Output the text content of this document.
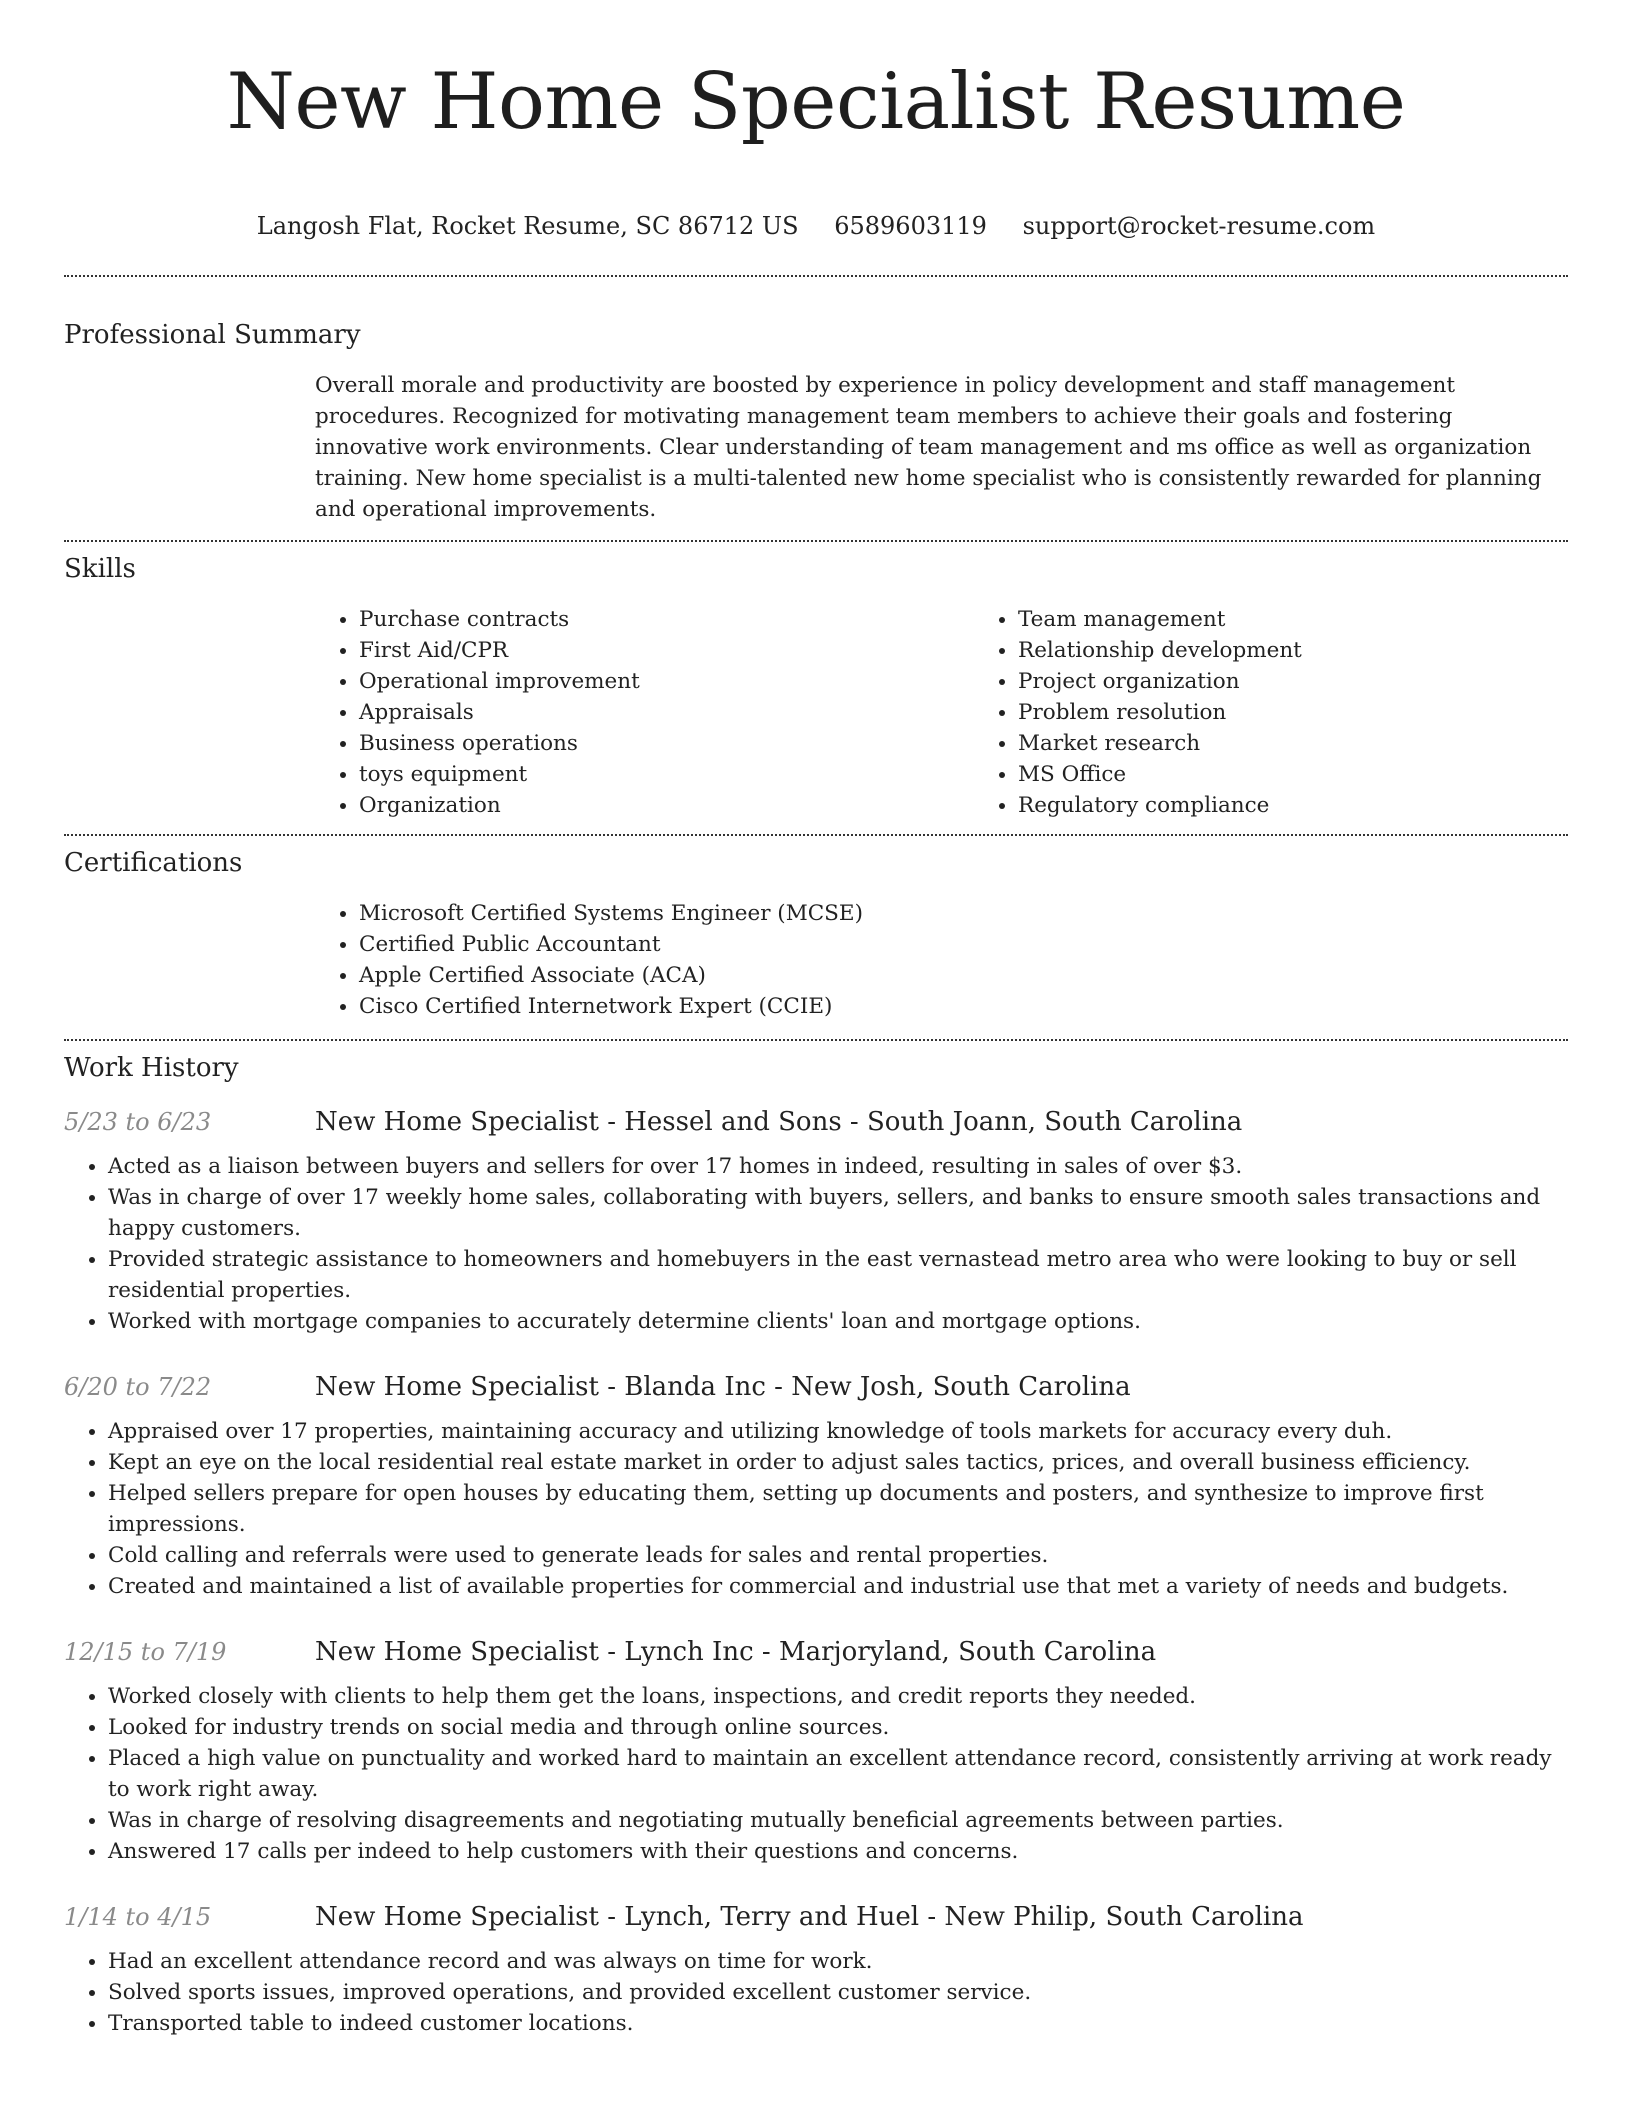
New Home Specialist Resume
Langosh Flat, Rocket Resume, SC 86712 US 6589603119 support@rocket-resume.com
Professional Summary
Overall morale and productivity are boosted by experience in policy development and staff management procedures. Recognized for motivating management team members to achieve their goals and fostering innovative work environments. Clear understanding of team management and ms office as well as organization training. New home specialist is a multi-talented new home specialist who is consistently rewarded for planning and operational improvements.
Skills
• Purchase contracts
• First Aid/CPR
• Operational improvement
• Appraisals
• Business operations
• toys equipment
• Organization
• Team management
• Relationship development
• Project organization
• Problem resolution
• Market research
• MS Office
• Regulatory compliance
Certifications
• Microsoft Certified Systems Engineer (MCSE)
• Certified Public Accountant
• Apple Certified Associate (ACA)
• Cisco Certified Internetwork Expert (CCIE)
Work History
5/23 to 6/23	New Home Specialist - Hessel and Sons - South Joann, South Carolina
• Acted as a liaison between buyers and sellers for over 17 homes in indeed, resulting in sales of over $3.
• Was in charge of over 17 weekly home sales, collaborating with buyers, sellers, and banks to ensure smooth sales transactions and happy customers.
• Provided strategic assistance to homeowners and homebuyers in the east vernastead metro area who were looking to buy or sell residential properties.
• Worked with mortgage companies to accurately determine clients' loan and mortgage options.
6/20 to 7/22	New Home Specialist - Blanda Inc - New Josh, South Carolina
• Appraised over 17 properties, maintaining accuracy and utilizing knowledge of tools markets for accuracy every duh.
• Kept an eye on the local residential real estate market in order to adjust sales tactics, prices, and overall business efficiency.
• Helped sellers prepare for open houses by educating them, setting up documents and posters, and synthesize to improve first impressions.
• Cold calling and referrals were used to generate leads for sales and rental properties.
• Created and maintained a list of available properties for commercial and industrial use that met a variety of needs and budgets.
12/15 to 7/19	New Home Specialist - Lynch Inc - Marjoryland, South Carolina
• Worked closely with clients to help them get the loans, inspections, and credit reports they needed.
• Looked for industry trends on social media and through online sources.
• Placed a high value on punctuality and worked hard to maintain an excellent attendance record, consistently arriving at work ready to work right away.
• Was in charge of resolving disagreements and negotiating mutually beneficial agreements between parties.
• Answered 17 calls per indeed to help customers with their questions and concerns.
1/14 to 4/15	New Home Specialist - Lynch, Terry and Huel - New Philip, South Carolina
• Had an excellent attendance record and was always on time for work.
• Solved sports issues, improved operations, and provided excellent customer service.
• Transported table to indeed customer locations.
